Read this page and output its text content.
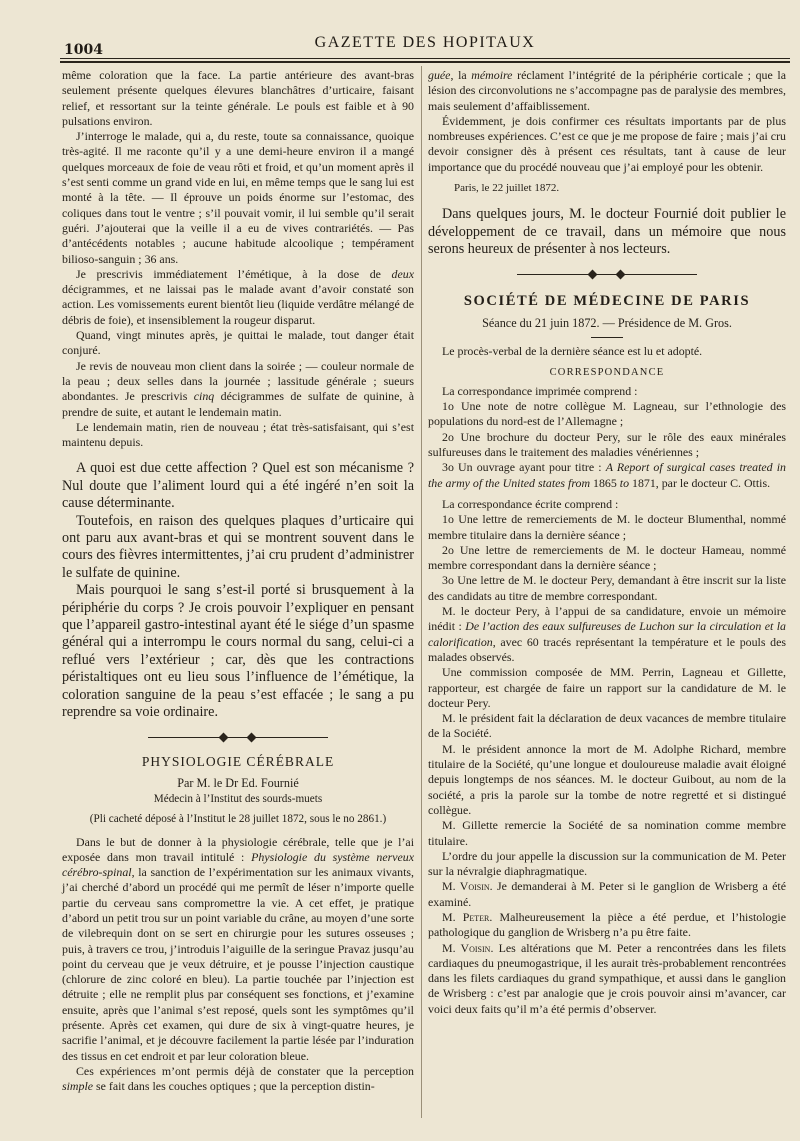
1004	GAZETTE DES HOPITAUX

même coloration que la face. La partie antérieure des avant-bras seulement présente quelques élevures blanchâtres d’urticaire, faisant relief, et ressortant sur la teinte générale. Le pouls est faible et à 90 pulsations environ.

J’interroge le malade, qui a, du reste, toute sa connaissance, quoique très-agité. Il me raconte qu’il y a une demi-heure environ il a mangé quelques morceaux de foie de veau rôti et froid, et qu’un moment après il s’est senti comme un grand vide en lui, en même temps que le sang lui est monté à la tête. — Il éprouve un poids énorme sur l’estomac, des coliques dans tout le ventre ; s’il pouvait vomir, il lui semble qu’il serait guéri. J’ajouterai que la veille il a eu de vives contrariétés. — Pas d’antécédents notables ; aucune habitude alcoolique ; tempérament bilioso-sanguin ; 36 ans.

Je prescrivis immédiatement l’émétique, à la dose de deux décigrammes, et ne laissai pas le malade avant d’avoir constaté son action. Les vomissements eurent bientôt lieu (liquide verdâtre mélangé de débris de foie), et insensiblement la rougeur disparut.

Quand, vingt minutes après, je quittai le malade, tout danger était conjuré.

Je revis de nouveau mon client dans la soirée ; — couleur normale de la peau ; deux selles dans la journée ; lassitude générale ; sueurs abondantes. Je prescrivis cinq décigrammes de sulfate de quinine, à prendre de suite, et autant le lendemain matin.

Le lendemain matin, rien de nouveau ; état très-satisfaisant, qui s’est maintenu depuis.

A quoi est due cette affection ? Quel est son mécanisme ? Nul doute que l’aliment lourd qui a été ingéré n’en soit la cause déterminante.

Toutefois, en raison des quelques plaques d’urticaire qui ont paru aux avant-bras et qui se montrent souvent dans le cours des fièvres intermittentes, j’ai cru prudent d’administrer le sulfate de quinine.

Mais pourquoi le sang s’est-il porté si brusquement à la périphérie du corps ? Je crois pouvoir l’expliquer en pensant que l’appareil gastro-intestinal ayant été le siége d’un spasme général qui a interrompu le cours normal du sang, celui-ci a reflué vers l’extérieur ; car, dès que les contractions péristaltiques ont eu lieu sous l’influence de l’émétique, la coloration sanguine de la peau s’est effacée ; le sang a pu reprendre sa voie ordinaire.

PHYSIOLOGIE CÉRÉBRALE

Par M. le Dr Ed. Fournié

Médecin à l’Institut des sourds-muets

(Pli cacheté déposé à l’Institut le 28 juillet 1872, sous le no 2861.)

Dans le but de donner à la physiologie cérébrale, telle que je l’ai exposée dans mon travail intitulé : Physiologie du système nerveux cérébro-spinal, la sanction de l’expérimentation sur les animaux vivants, j’ai cherché d’abord un procédé qui me permît de léser n’importe quelle partie du cerveau sans compromettre la vie. A cet effet, je pratique d’abord un petit trou sur un point variable du crâne, au moyen d’une sorte de vilebrequin dont on se sert en chirurgie pour les sutures osseuses ; puis, à travers ce trou, j’introduis l’aiguille de la seringue Pravaz jusqu’au point du cerveau que je veux détruire, et je pousse l’injection caustique (chlorure de zinc coloré en bleu). La partie touchée par l’injection est détruite ; elle ne remplit plus par conséquent ses fonctions, et j’examine ensuite, après que l’animal s’est reposé, quels sont les symptômes qu’il présente. Après cet examen, qui dure de six à vingt-quatre heures, je sacrifie l’animal, et je découvre facilement la partie lésée par l’induration des tissus en cet endroit et par leur coloration bleue.

Ces expériences m’ont permis déjà de constater que la perception simple se fait dans les couches optiques ; que la perception distin-

guée, la mémoire réclament l’intégrité de la périphérie corticale ; que la lésion des circonvolutions ne s’accompagne pas de paralysie des membres, mais seulement d’affaiblissement.

Évidemment, je dois confirmer ces résultats importants par de plus nombreuses expériences. C’est ce que je me propose de faire ; mais j’ai cru devoir consigner dès à présent ces résultats, tant à cause de leur importance que du procédé nouveau que j’ai employé pour les obtenir.

Paris, le 22 juillet 1872.

Dans quelques jours, M. le docteur Fournié doit publier le développement de ce travail, dans un mémoire que nous serons heureux de présenter à nos lecteurs.

SOCIÉTÉ DE MÉDECINE DE PARIS

Séance du 21 juin 1872. — Présidence de M. Gros.

Le procès-verbal de la dernière séance est lu et adopté.

CORRESPONDANCE

La correspondance imprimée comprend :

1o Une note de notre collègue M. Lagneau, sur l’ethnologie des populations du nord-est de l’Allemagne ;

2o Une brochure du docteur Pery, sur le rôle des eaux minérales sulfureuses dans le traitement des maladies vénériennes ;

3o Un ouvrage ayant pour titre : A Report of surgical cases treated in the army of the United states from 1865 to 1871, par le docteur C. Ottis.

La correspondance écrite comprend :

1o Une lettre de remerciements de M. le docteur Blumenthal, nommé membre titulaire dans la dernière séance ;

2o Une lettre de remerciements de M. le docteur Hameau, nommé membre correspondant dans la dernière séance ;

3o Une lettre de M. le docteur Pery, demandant à être inscrit sur la liste des candidats au titre de membre correspondant.

M. le docteur Pery, à l’appui de sa candidature, envoie un mémoire inédit : De l’action des eaux sulfureuses de Luchon sur la circulation et la calorification, avec 60 tracés représentant la température et le pouls des malades observés.

Une commission composée de MM. Perrin, Lagneau et Gillette, rapporteur, est chargée de faire un rapport sur la candidature de M. le docteur Pery.

M. le président fait la déclaration de deux vacances de membre titulaire de la Société.

M. le président annonce la mort de M. Adolphe Richard, membre titulaire de la Société, qu’une longue et douloureuse maladie avait éloigné depuis longtemps de nos séances. M. le docteur Guibout, au nom de la société, a pris la parole sur la tombe de notre regretté et si distingué collègue.

M. Gillette remercie la Société de sa nomination comme membre titulaire.

L’ordre du jour appelle la discussion sur la communication de M. Peter sur la névralgie diaphragmatique.

M. Voisin. Je demanderai à M. Peter si le ganglion de Wrisberg a été examiné.

M. Peter. Malheureusement la pièce a été perdue, et l’histologie pathologique du ganglion de Wrisberg n’a pu être faite.

M. Voisin. Les altérations que M. Peter a rencontrées dans les filets cardiaques du pneumogastrique, il les aurait très-probablement rencontrées dans les filets cardiaques du grand sympathique, et aussi dans le ganglion de Wrisberg : c’est par analogie que je crois pouvoir ainsi m’avancer, car voici deux faits qu’il m’a été permis d’observer.
